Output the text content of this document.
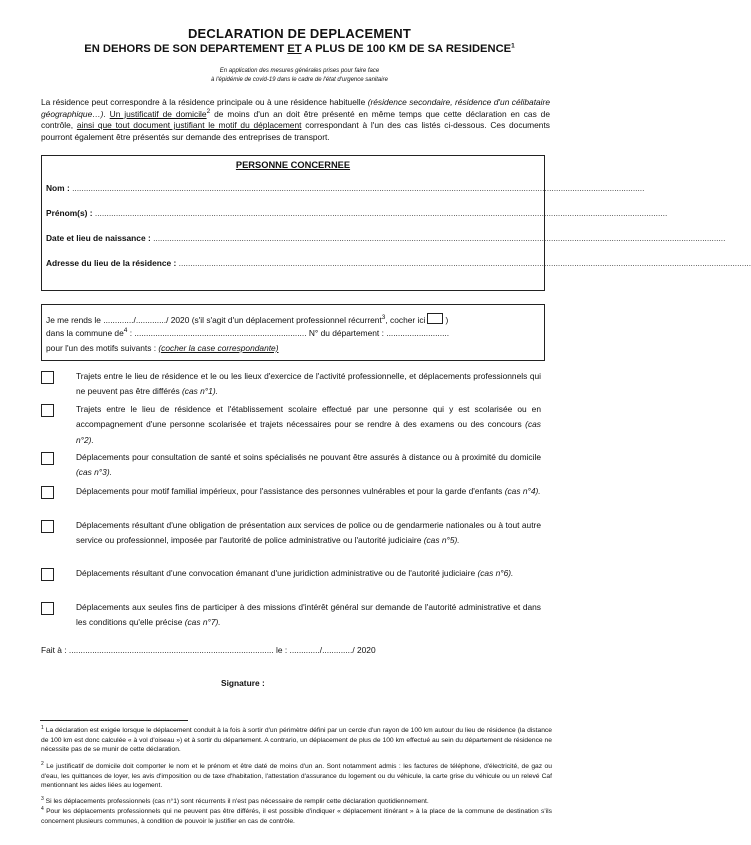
DECLARATION DE DEPLACEMENT
EN DEHORS DE SON DEPARTEMENT ET A PLUS DE 100 KM DE SA RESIDENCE$^1$
En application des mesures générales prises pour faire face
à l'épidémie de covid-19 dans le cadre de l'état d'urgence sanitaire
La résidence peut correspondre à la résidence principale ou à une résidence habituelle (résidence secondaire, résidence d'un célibataire géographique…). Un justificatif de domicile$^2$ de moins d'un an doit être présenté en même temps que cette déclaration en cas de contrôle, ainsi que tout document justifiant le motif du déplacement correspondant à l'un des cas listés ci-dessous. Ces documents pourront également être présentés sur demande des entreprises de transport.
PERSONNE CONCERNEE
Nom : ......................................................................................................................................................................................................................................................
Prénom(s) : ......................................................................................................................................................................................................................................................
Date et lieu de naissance : ......................................................................................................................................................................................................................................................
Adresse du lieu de la résidence : ......................................................................................................................................................................................................................................................
Je me rends le ............./............./ 2020 (s'il s'agit d'un déplacement professionnel récurrent$^3$, cocher ici )
dans la commune de$^4$ : .......................................................................... N° du département : ...........................
pour l'un des motifs suivants : (cocher la case correspondante)
Trajets entre le lieu de résidence et le ou les lieux d'exercice de l'activité professionnelle, et déplacements professionnels qui ne peuvent pas être différés (cas n°1).
Trajets entre le lieu de résidence et l'établissement scolaire effectué par une personne qui y est scolarisée ou en accompagnement d'une personne scolarisée et trajets nécessaires pour se rendre à des examens ou des concours (cas n°2).
Déplacements pour consultation de santé et soins spécialisés ne pouvant être assurés à distance ou à proximité du domicile (cas n°3).
Déplacements pour motif familial impérieux, pour l'assistance des personnes vulnérables et pour la garde d'enfants (cas n°4).
Déplacements résultant d'une obligation de présentation aux services de police ou de gendarmerie nationales ou à tout autre service ou professionnel, imposée par l'autorité de police administrative ou l'autorité judiciaire (cas n°5).
Déplacements résultant d'une convocation émanant d'une juridiction administrative ou de l'autorité judiciaire (cas n°6).
Déplacements aux seules fins de participer à des missions d'intérêt général sur demande de l'autorité administrative et dans les conditions qu'elle précise (cas n°7).
Fait à : ........................................................................................ le : ............./............./ 2020
Signature :
$^1$ La déclaration est exigée lorsque le déplacement conduit à la fois à sortir d'un périmètre défini par un cercle d'un rayon de 100 km autour du lieu de résidence (la distance de 100 km est donc calculée « à vol d'oiseau ») et à sortir du département. A contrario, un déplacement de plus de 100 km effectué au sein du département de résidence ne nécessite pas de se munir de cette déclaration.
$^2$ Le justificatif de domicile doit comporter le nom et le prénom et être daté de moins d'un an. Sont notamment admis : les factures de téléphone, d'électricité, de gaz ou d'eau, les quittances de loyer, les avis d'imposition ou de taxe d'habitation, l'attestation d'assurance du logement ou du véhicule, la carte grise du véhicule ou un relevé Caf mentionnant les aides liées au logement.
$^3$ Si les déplacements professionnels (cas n°1) sont récurrents il n'est pas nécessaire de remplir cette déclaration quotidiennement.
$^4$ Pour les déplacements professionnels qui ne peuvent pas être différés, il est possible d'indiquer « déplacement itinérant » à la place de la commune de destination s'ils concernent plusieurs communes, à condition de pouvoir le justifier en cas de contrôle.
